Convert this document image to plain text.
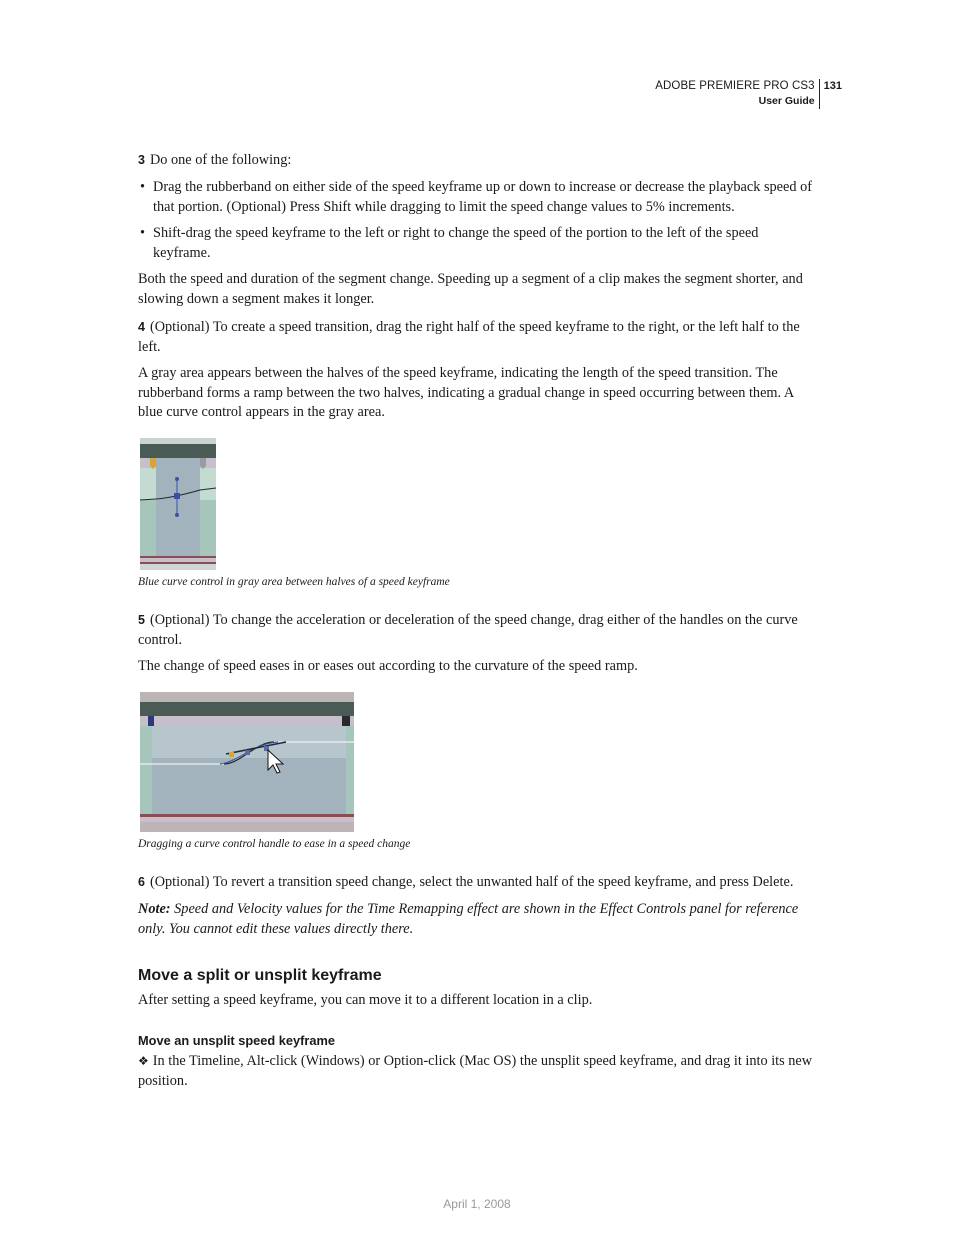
ADOBE PREMIERE PRO CS3
User Guide
131

3 Do one of the following:

• Drag the rubberband on either side of the speed keyframe up or down to increase or decrease the playback speed of that portion. (Optional) Press Shift while dragging to limit the speed change values to 5% increments.
• Shift-drag the speed keyframe to the left or right to change the speed of the portion to the left of the speed keyframe.

Both the speed and duration of the segment change. Speeding up a segment of a clip makes the segment shorter, and slowing down a segment makes it longer.

4 (Optional) To create a speed transition, drag the right half of the speed keyframe to the right, or the left half to the left.

A gray area appears between the halves of the speed keyframe, indicating the length of the speed transition. The rubberband forms a ramp between the two halves, indicating a gradual change in speed occurring between them. A blue curve control appears in the gray area.

Blue curve control in gray area between halves of a speed keyframe

5 (Optional) To change the acceleration or deceleration of the speed change, drag either of the handles on the curve control.

The change of speed eases in or eases out according to the curvature of the speed ramp.

Dragging a curve control handle to ease in a speed change

6 (Optional) To revert a transition speed change, select the unwanted half of the speed keyframe, and press Delete.

Note: Speed and Velocity values for the Time Remapping effect are shown in the Effect Controls panel for reference only. You cannot edit these values directly there.

Move a split or unsplit keyframe

After setting a speed keyframe, you can move it to a different location in a clip.

Move an unsplit speed keyframe

❖ In the Timeline, Alt-click (Windows) or Option-click (Mac OS) the unsplit speed keyframe, and drag it into its new position.

April 1, 2008
